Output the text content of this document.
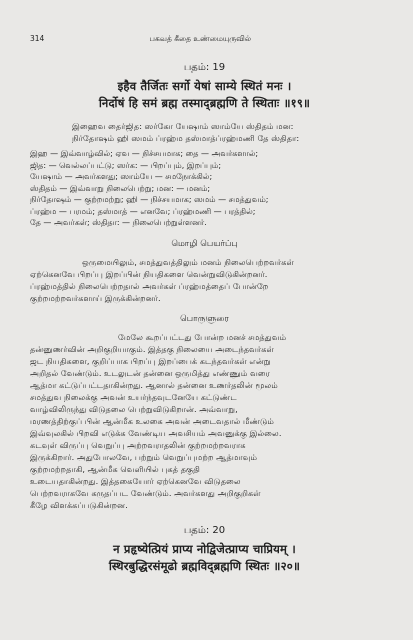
314	பகவத் கீதை உண்மையுருவில்
பதம்: 19
इहैव तैर्जितः सर्गो येषां साम्ये स्थितं मनः ।
निर्दोषं हि समं ब्रह्म तस्माद्ब्रह्मणि ते स्थिताः ॥१९॥
இஹைவ தைர்ஜித: ஸர்கோ யேஷாம் ஸாம்யே ஸ்திதம் மன:
நிர்தோஷம் ஹி ஸமம் ப்ரஹ்ம தஸ்மாத்ப்ரஹ்மணி தே ஸ்திதா:
இஹ — இவ்வாழ்வில்; ஏவ — நிச்சயமாக; தை — அவர்களால்;
ஜித: — வெல்லப்பட்டு; ஸர்க: — பிறப்பும், இறப்பும்;
யேஷாம் — அவர்களது; ஸாம்யே — சமநோக்கில்;
ஸ்திதம் — இவ்வாறு நிலைபெற்று; மன: — மனம்;
நிர்தோஷம் — குற்றமற்று; ஹி — நிச்சயமாக; ஸமம் — சமத்துவம்;
ப்ரஹ்ம — பரமம்; தஸ்மாத் — எனவே; ப்ரஹ்மணி — பரத்தில்;
தே — அவர்கள்; ஸ்திதா: — நிலைபெற்றுள்ளனர்.
மொழி பெயர்ப்பு
ஒருமையிலும், சமத்துவத்திலும் மனம் நிலைபெற்றவர்கள்
ஏற்கெனவே பிறப்பு இறப்பின் நியதிகளை வென்றுவிடுகின்றனர்.
ப்ரஹ்மத்தில் நிலைபெற்றதால் அவர்கள் ப்ரஹ்மத்தைப் போன்றே
குற்றமற்றவர்களாய் இருக்கின்றனர்.
பொருளுரை
மேலே கூறப்பட்டது போன்ற மனச் சமத்துவம்
தன்னுணர்வின் அறிகுறியாகும். இத்தகு நிலையை அடைந்தவர்கள்
ஜட நியதிகளை, குறிப்பாக பிறப்பு இறப்பைக் கடந்தவர்கள் என்று
அறிதல் வேண்டும். உடலுடன் தன்னை ஒருமித்து எண்ணும் வரை
ஆத்மா கட்டுப்பட்டதாகின்றது. ஆனால் தன்னை உணர்தலின் மூலம்
சமத்துவ நிலைக்கு அவன் உயர்ந்தவுடனேயே கட்டுண்ட
வாழ்விலிருந்து விடுதலை பெற்றுவிடுகிறான். அவ்வாறு,
மரணத்திற்குப் பின் ஆன்மீக உலகை அவன் அடைவதால் மீண்டும்
இவ்வுலகில் பிறவி எடுக்க வேண்டிய அவசியம் அவனுக்கு இல்லை.
கடவுள் விருப்பு வெறுப்பு அற்றவராதலின் குற்றமற்றவராக
இருக்கிறார். அதுபோலவே, பற்றும் வெறுப்புமற்ற ஆத்மாவும்
குற்றமற்றதாகி, ஆன்மீக வெளியில் புகத் தகுதி
உடையதாகின்றது. இத்தகையோர் ஏற்கெனவே விடுதலை
பெற்றவராகவே கருதப்பட வேண்டும். அவர்களது அறிகுறிகள்
கீழே விளக்கப்படுகின்றன.
பதம்: 20
न प्रहृष्येत्प्रियं प्राप्य नोद्विजेत्प्राप्य चाप्रियम् ।
स्थिरबुद्धिरसंमूढो ब्रह्मविद्ब्रह्मणि स्थितः ॥२०॥
